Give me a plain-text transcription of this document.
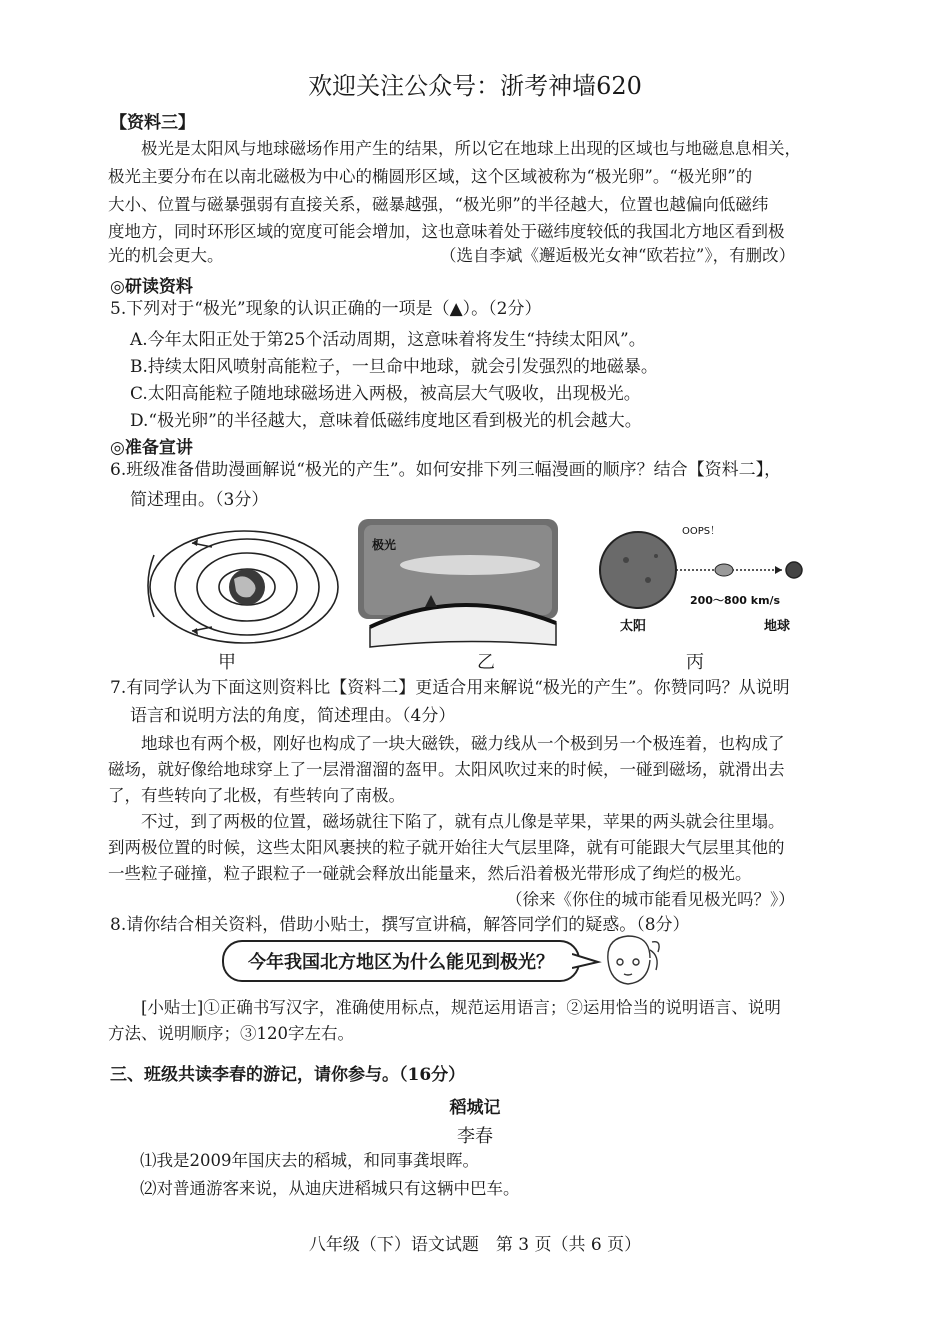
欢迎关注公众号：浙考神墙620
【资料三】
极光是太阳风与地球磁场作用产生的结果，所以它在地球上出现的区域也与地磁息息相关，
极光主要分布在以南北磁极为中心的椭圆形区域，这个区域被称为“极光卵”。“极光卵”的
大小、位置与磁暴强弱有直接关系，磁暴越强，“极光卵”的半径越大，位置也越偏向低磁纬
度地方，同时环形区域的宽度可能会增加，这也意味着处于磁纬度较低的我国北方地区看到极
光的机会更大。	（选自李斌《邂逅极光女神“欧若拉”》，有删改）
◎研读资料
5.下列对于“极光”现象的认识正确的一项是（▲）。（2分）
A.今年太阳正处于第25个活动周期，这意味着将发生“持续太阳风”。
B.持续太阳风喷射高能粒子，一旦命中地球，就会引发强烈的地磁暴。
C.太阳高能粒子随地球磁场进入两极，被高层大气吸收，出现极光。
D.“极光卵”的半径越大，意味着低磁纬度地区看到极光的机会越大。
◎准备宣讲
6.班级准备借助漫画解说“极光的产生”。如何安排下列三幅漫画的顺序？结合【资料二】，
简述理由。（3分）
甲
极光
乙
OOPS！
200～800 km/s
太阳	地球
丙
7.有同学认为下面这则资料比【资料二】更适合用来解说“极光的产生”。你赞同吗？从说明
语言和说明方法的角度，简述理由。（4分）
地球也有两个极，刚好也构成了一块大磁铁，磁力线从一个极到另一个极连着，也构成了
磁场，就好像给地球穿上了一层滑溜溜的盔甲。太阳风吹过来的时候，一碰到磁场，就滑出去
了，有些转向了北极，有些转向了南极。
不过，到了两极的位置，磁场就往下陷了，就有点儿像是苹果，苹果的两头就会往里塌。
到两极位置的时候，这些太阳风裹挟的粒子就开始往大气层里降，就有可能跟大气层里其他的
一些粒子碰撞，粒子跟粒子一碰就会释放出能量来，然后沿着极光带形成了绚烂的极光。
（徐来《你住的城市能看见极光吗？》）
8.请你结合相关资料，借助小贴士，撰写宣讲稿，解答同学们的疑惑。（8分）
今年我国北方地区为什么能见到极光？
[小贴士]①正确书写汉字，准确使用标点，规范运用语言；②运用恰当的说明语言、说明
方法、说明顺序；③120字左右。
三、班级共读李春的游记，请你参与。（16分）
稻城记
李春
⑴我是2009年国庆去的稻城，和同事龚垠晖。
⑵对普通游客来说，从迪庆进稻城只有这辆中巴车。
八年级（下）语文试题　第 3 页（共 6 页）
